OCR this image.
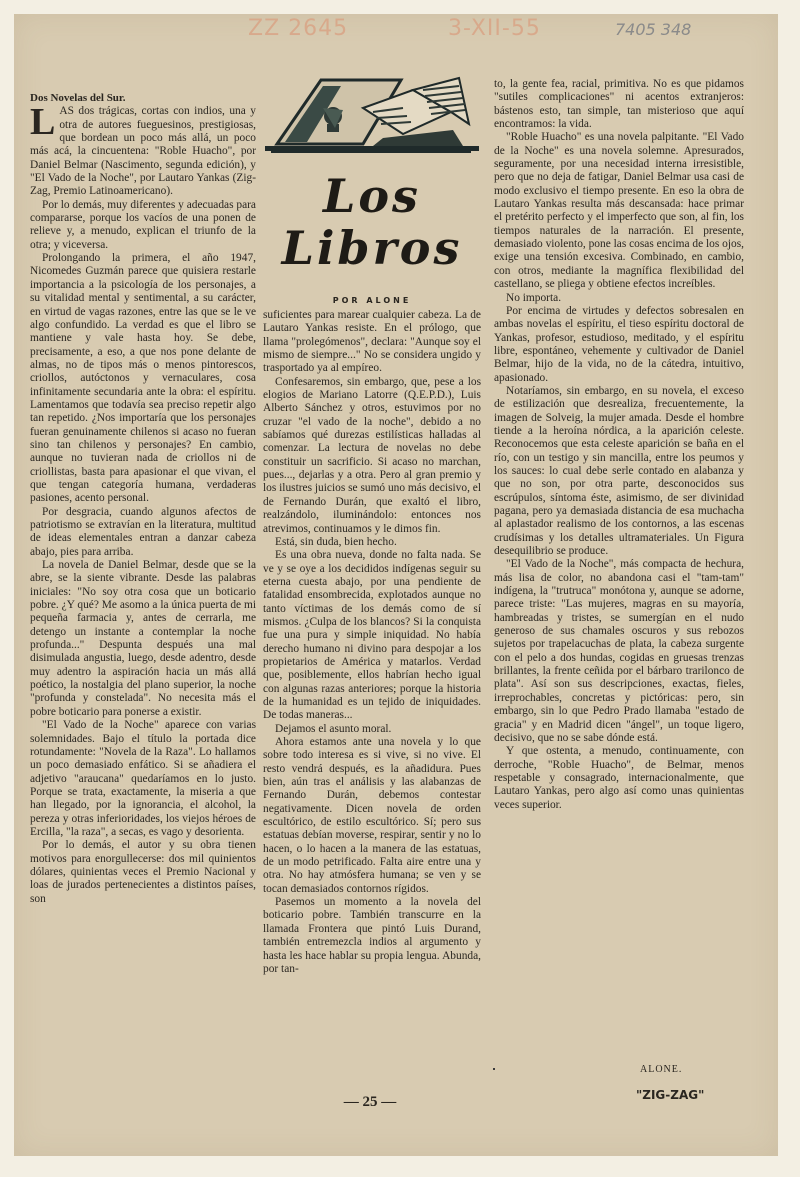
ZZ 2645	3-XII-55	7405 348

Dos Novelas del Sur.

LAS dos trágicas, cortas con indios, una y otra de autores fueguesinos, prestigiosas, que bordean un poco más allá, un poco más acá, la cincuentena: "Roble Huacho", por Daniel Belmar (Nascimento, segunda edición), y "El Vado de la Noche", por Lautaro Yankas (Zig-Zag, Premio Latinoamericano).

Por lo demás, muy diferentes y adecuadas para compararse, porque los vacíos de una ponen de relieve y, a menudo, explican el triunfo de la otra; y viceversa.

Prolongando la primera, el año 1947, Nicomedes Guzmán parece que quisiera restarle importancia a la psicología de los personajes, a su vitalidad mental y sentimental, a su carácter, en virtud de vagas razones, entre las que se le ve algo confundido. La verdad es que el libro se mantiene y vale hasta hoy. Se debe, precisamente, a eso, a que nos pone delante de almas, no de tipos más o menos pintorescos, criollos, autóctonos y vernaculares, cosa infinitamente secundaria ante la obra: el espíritu. Lamentamos que todavía sea preciso repetir algo tan repetido. ¿Nos importaría que los personajes fueran genuinamente chilenos si acaso no fueran sino tan chilenos y personajes? En cambio, aunque no tuvieran nada de criollos ni de criollistas, basta para apasionar el que vivan, el que tengan categoría humana, verdaderas pasiones, acento personal.

Por desgracia, cuando algunos afectos de patriotismo se extravían en la literatura, multitud de ideas elementales entran a danzar cabeza abajo, pies para arriba.

La novela de Daniel Belmar, desde que se la abre, se la siente vibrante. Desde las palabras iniciales: "No soy otra cosa que un boticario pobre. ¿Y qué? Me asomo a la única puerta de mi pequeña farmacia y, antes de cerrarla, me detengo un instante a contemplar la noche profunda..." Despunta después una mal disimulada angustia, luego, desde adentro, desde muy adentro la aspiración hacia un más allá poético, la nostalgia del plano superior, la noche "profunda y constelada". No necesita más el pobre boticario para ponerse a existir.

"El Vado de la Noche" aparece con varias solemnidades. Bajo el título la portada dice rotundamente: "Novela de la Raza". Lo hallamos un poco demasiado enfático. Si se añadiera el adjetivo "araucana" quedaríamos en lo justo. Porque se trata, exactamente, la miseria a que han llegado, por la ignorancia, el alcohol, la pereza y otras inferioridades, los viejos héroes de Ercilla, "la raza", a secas, es vago y desorienta.

Por lo demás, el autor y su obra tienen motivos para enorgullecerse: dos mil quinientos dólares, quinientas veces el Premio Nacional y loas de jurados pertenecientes a distintos países, son

Los
Libros
POR ALONE

suficientes para marear cualquier cabeza. La de Lautaro Yankas resiste. En el prólogo, que llama "prolegómenos", declara: "Aunque soy el mismo de siempre..." No se considera ungido y trasportado ya al empíreo.

Confesaremos, sin embargo, que, pese a los elogios de Mariano Latorre (Q.E.P.D.), Luis Alberto Sánchez y otros, estuvimos por no cruzar "el vado de la noche", debido a no sabíamos qué durezas estilísticas halladas al comenzar. La lectura de novelas no debe constituir un sacrificio. Si acaso no marchan, pues..., dejarlas y a otra. Pero al gran premio y los ilustres juicios se sumó uno más decisivo, el de Fernando Durán, que exaltó el libro, realzándolo, iluminándolo: entonces nos atrevimos, continuamos y le dimos fin.

Está, sin duda, bien hecho.

Es una obra nueva, donde no falta nada. Se ve y se oye a los decididos indígenas seguir su eterna cuesta abajo, por una pendiente de fatalidad ensombrecida, explotados aunque no tanto víctimas de los demás como de sí mismos. ¿Culpa de los blancos? Si la conquista fue una pura y simple iniquidad. No había derecho humano ni divino para despojar a los propietarios de América y matarlos. Verdad que, posiblemente, ellos habrían hecho igual con algunas razas anteriores; porque la historia de la humanidad es un tejido de iniquidades. De todas maneras...

Dejamos el asunto moral.

Ahora estamos ante una novela y lo que sobre todo interesa es si vive, si no vive. El resto vendrá después, es la añadidura. Pues bien, aún tras el análisis y las alabanzas de Fernando Durán, debemos contestar negativamente. Dicen novela de orden escultórico, de estilo escultórico. Sí; pero sus estatuas debían moverse, respirar, sentir y no lo hacen, o lo hacen a la manera de las estatuas, de un modo petrificado. Falta aire entre una y otra. No hay atmósfera humana; se ven y se tocan demasiados contornos rígidos.

Pasemos un momento a la novela del boticario pobre. También transcurre en la llamada Frontera que pintó Luis Durand, también entremezcla indios al argumento y hasta les hace hablar su propia lengua. Abunda, por tan-

to, la gente fea, racial, primitiva. No es que pidamos "sutiles complicaciones" ni acentos extranjeros: bástenos esto, tan simple, tan misterioso que aquí encontramos: la vida.

"Roble Huacho" es una novela palpitante. "El Vado de la Noche" es una novela solemne. Apresurados, seguramente, por una necesidad interna irresistible, pero que no deja de fatigar, Daniel Belmar usa casi de modo exclusivo el tiempo presente. En eso la obra de Lautaro Yankas resulta más descansada: hace primar el pretérito perfecto y el imperfecto que son, al fin, los tiempos naturales de la narración. El presente, demasiado violento, pone las cosas encima de los ojos, exige una tensión excesiva. Combinado, en cambio, con otros, mediante la magnífica flexibilidad del castellano, se pliega y obtiene efectos increíbles.

No importa.

Por encima de virtudes y defectos sobresalen en ambas novelas el espíritu, el tieso espíritu doctoral de Yankas, profesor, estudioso, meditado, y el espíritu libre, espontáneo, vehemente y cultivador de Daniel Belmar, hijo de la vida, no de la cátedra, intuitivo, apasionado.

Notaríamos, sin embargo, en su novela, el exceso de estilización que desrealiza, frecuentemente, la imagen de Solveig, la mujer amada. Desde el hombre tiende a la heroína nórdica, a la aparición celeste. Reconocemos que esta celeste aparición se baña en el río, con un testigo y sin mancilla, entre los peumos y los sauces: lo cual debe serle contado en alabanza y que no son, por otra parte, desconocidos sus escrúpulos, síntoma éste, asimismo, de ser divinidad pagana, pero ya demasiada distancia de esa muchacha al aplastador realismo de los contornos, a las escenas crudísimas y los detalles ultramateriales. Un Figura desequilibrio se produce.

"El Vado de la Noche", más compacta de hechura, más lisa de color, no abandona casi el "tam-tam" indígena, la "trutruca" monótona y, aunque se adorne, parece triste: "Las mujeres, magras en su mayoría, hambreadas y tristes, se sumergían en el nudo generoso de sus chamales oscuros y sus rebozos sujetos por trapelacuchas de plata, la cabeza surgente con el pelo a dos hundas, cogidas en gruesas trenzas brillantes, la frente ceñida por el bárbaro trarilonco de plata". Así son sus descripciones, exactas, fieles, irreprochables, concretas y pictóricas: pero, sin embargo, sin lo que Pedro Prado llamaba "estado de gracia" y en Madrid dicen "ángel", un toque ligero, decisivo, que no se sabe dónde está.

Y que ostenta, a menudo, continuamente, con derroche, "Roble Huacho", de Belmar, menos respetable y consagrado, internacionalmente, que Lautaro Yankas, pero algo así como unas quinientas veces superior.

ALONE.
"ZIG-ZAG"
— 25 —
